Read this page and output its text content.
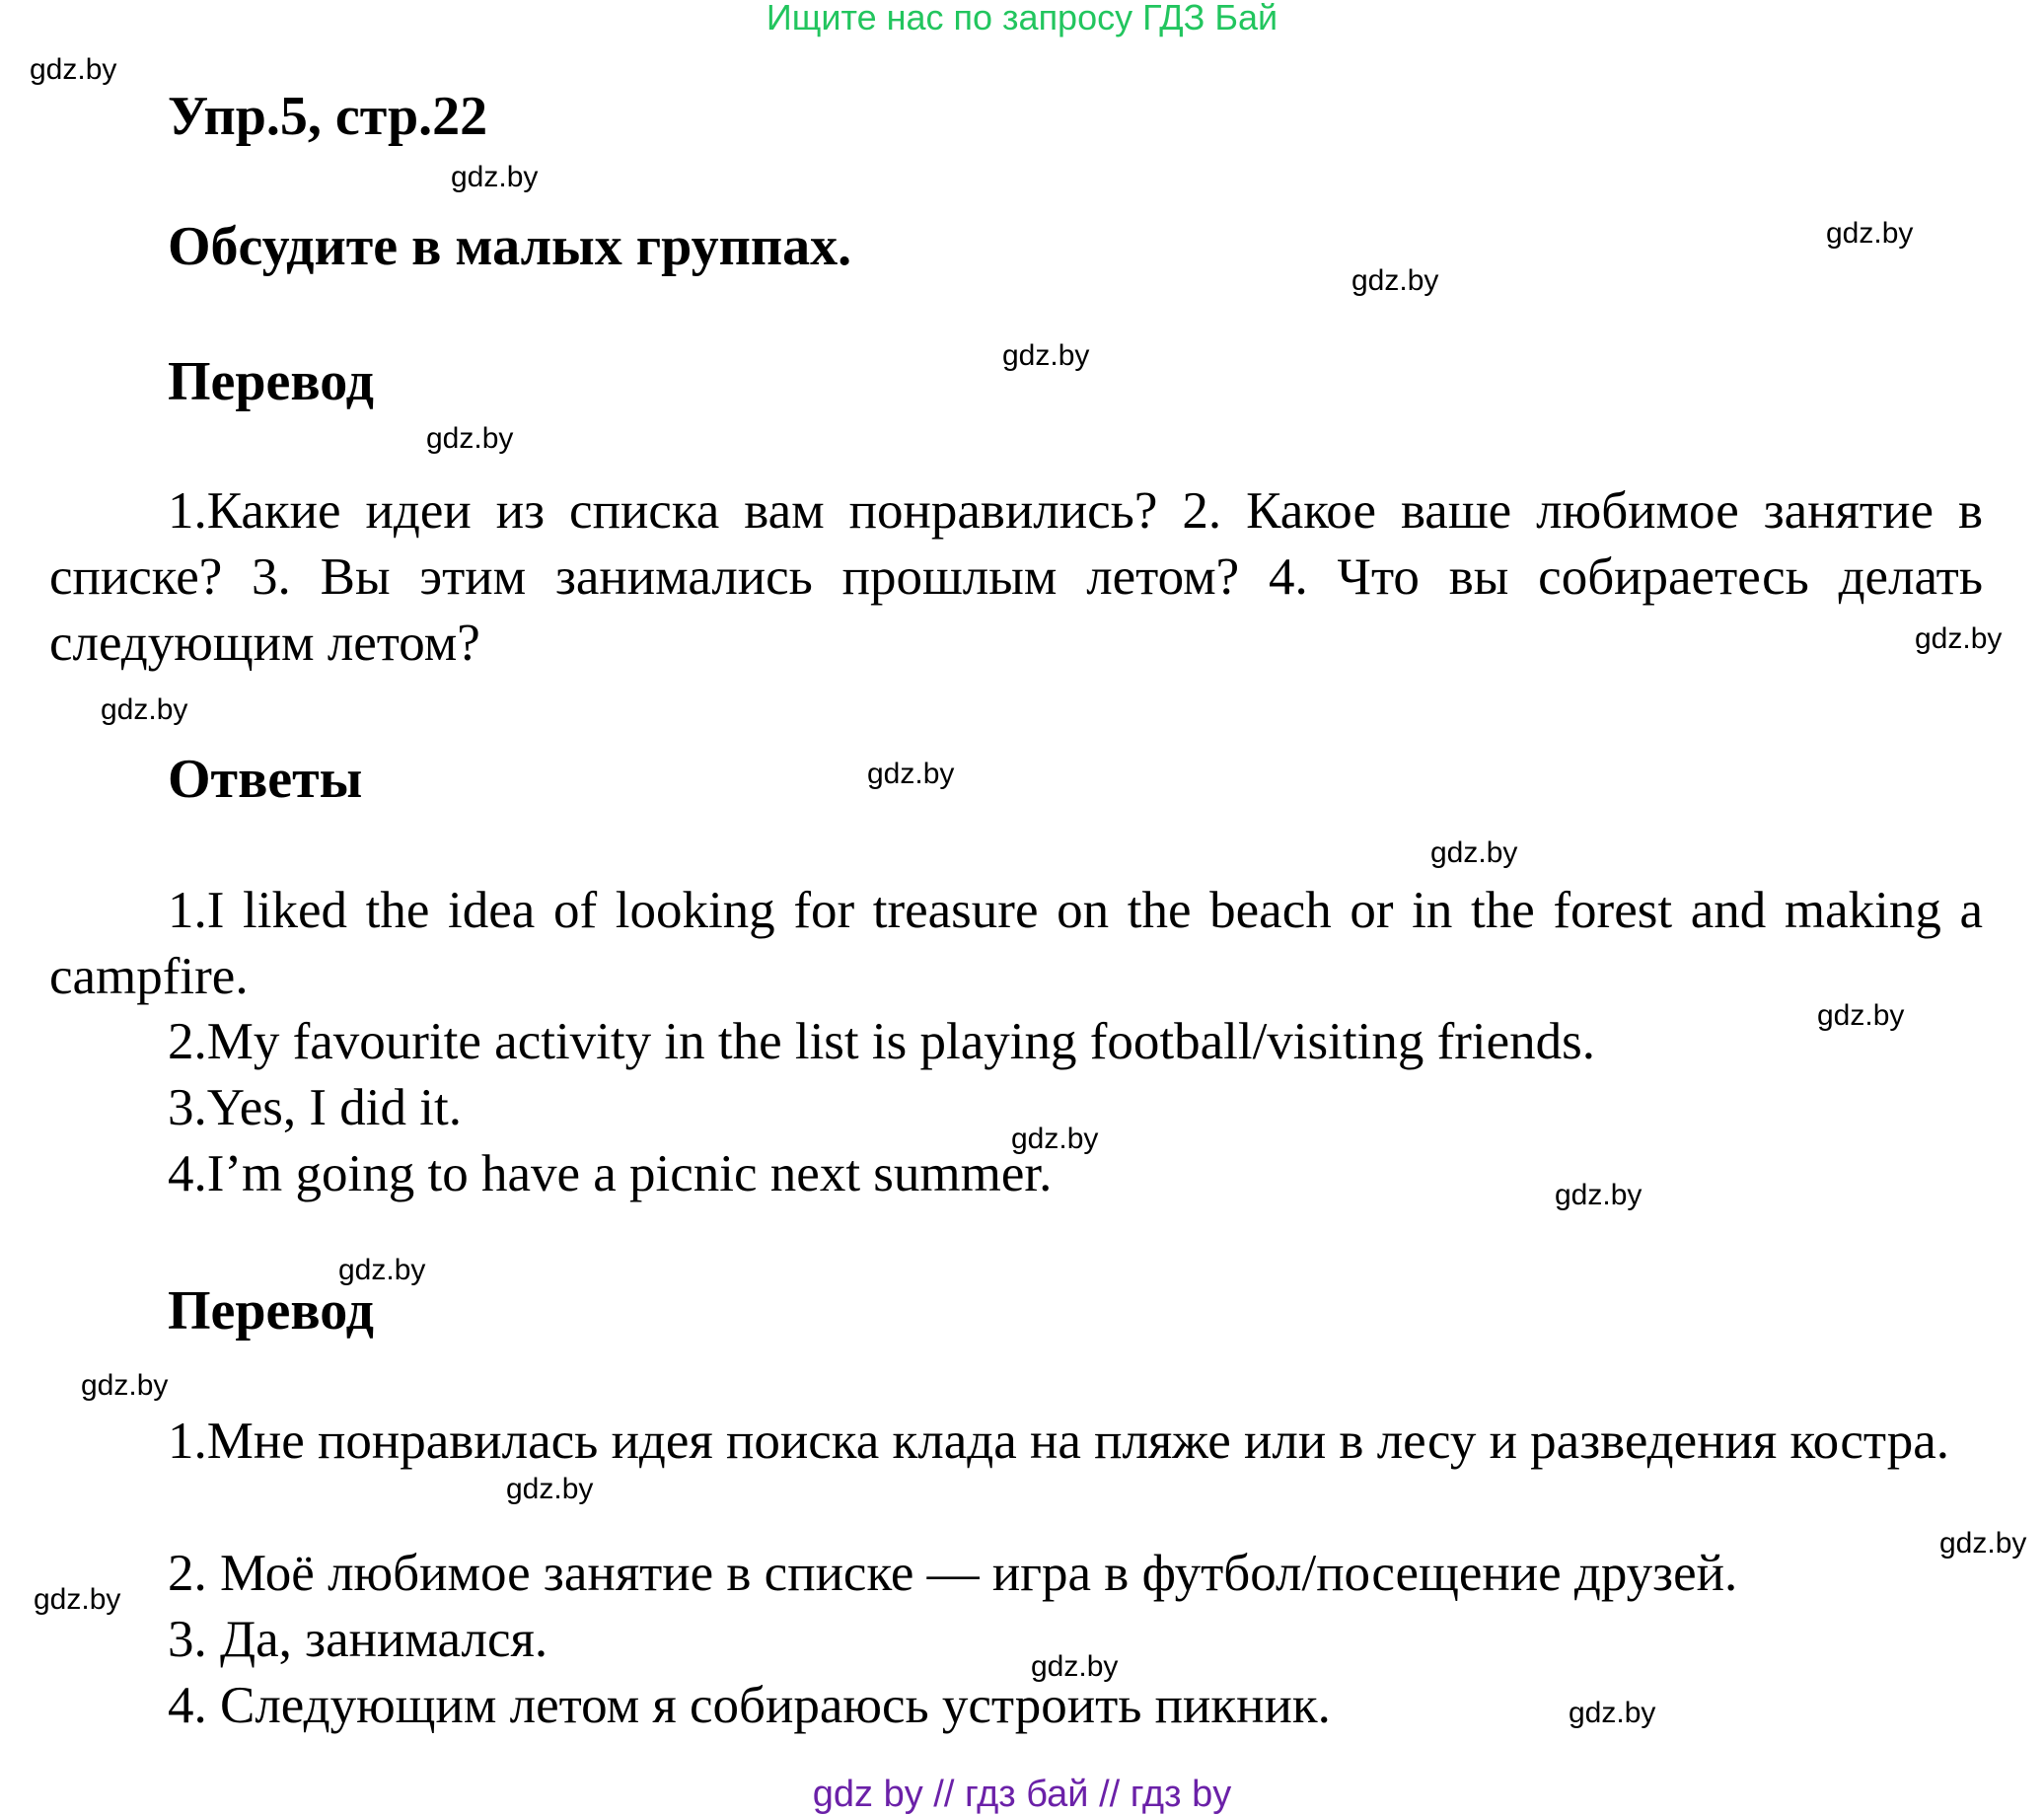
Ищите нас по запросу ГДЗ Бай
Упр.5, стр.22
Обсудите в малых группах.
Перевод
1.Какие идеи из списка вам понравились? 2. Какое ваше любимое занятие в списке? 3. Вы этим занимались прошлым летом? 4. Что вы собираетесь делать следующим летом?
Ответы
1.I liked the idea of looking for treasure on the beach or in the forest and making a campfire.
2.My favourite activity in the list is playing football/visiting friends.
3.Yes, I did it.
4.I’m going to have a picnic next summer.
Перевод
1.Мне понравилась идея поиска клада на пляже или в лесу и разведения костра.
2. Моё любимое занятие в списке — игра в футбол/посещение друзей.
3. Да, занимался.
4. Следующим летом я собираюсь устроить пикник.
gdz.by
gdz.by
gdz.by
gdz.by
gdz.by
gdz.by
gdz.by
gdz.by
gdz.by
gdz.by
gdz.by
gdz.by
gdz.by
gdz.by
gdz.by
gdz.by
gdz.by
gdz.by
gdz.by
gdz.by
gdz by // гдз бай // гдз by
